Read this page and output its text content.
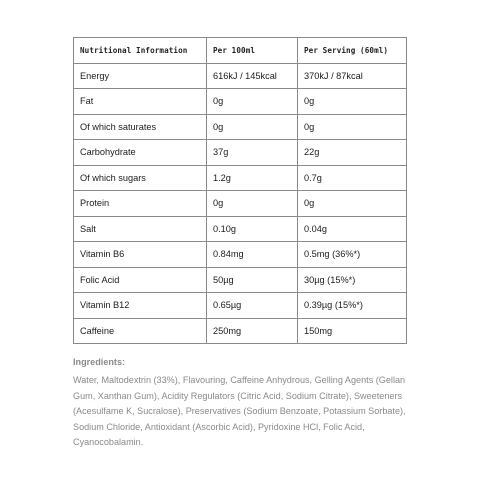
Nutritional Information	Per 100ml	Per Serving (60ml)
Energy	616kJ / 145kcal	370kJ / 87kcal
Fat	0g	0g
Of which saturates	0g	0g
Carbohydrate	37g	22g
Of which sugars	1.2g	0.7g
Protein	0g	0g
Salt	0.10g	0.04g
Vitamin B6	0.84mg	0.5mg (36%*)
Folic Acid	50µg	30µg (15%*)
Vitamin B12	0.65µg	0.39µg (15%*)
Caffeine	250mg	150mg
Ingredients:
Water, Maltodextrin (33%), Flavouring, Caffeine Anhydrous, Gelling Agents (Gellan Gum, Xanthan Gum), Acidity Regulators (Citric Acid, Sodium Citrate), Sweeteners (Acesulfame K, Sucralose), Preservatives (Sodium Benzoate, Potassium Sorbate), Sodium Chloride, Antioxidant (Ascorbic Acid), Pyridoxine HCl, Folic Acid, Cyanocobalamin.
